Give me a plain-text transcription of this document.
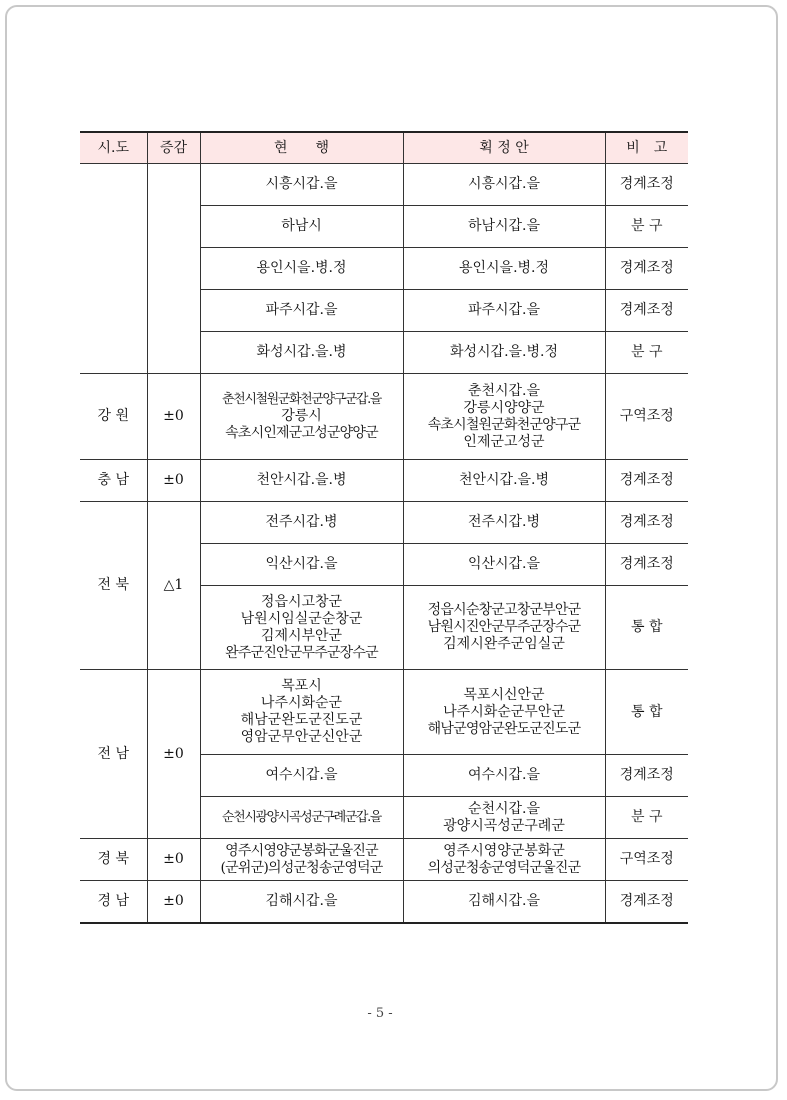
시.도	증감	현　　행	획 정 안	비　고

		시흥시갑.을	시흥시갑.을	경계조정

		하남시	하남시갑.을	분 구

		용인시을.병.정	용인시을.병.정	경계조정

		파주시갑.을	파주시갑.을	경계조정

		화성시갑.을.병	화성시갑.을.병.정	분 구
강 원	±0	춘천시철원군화천군양구군갑.을
강릉시
속초시인제군고성군양양군	춘천시갑.을
강릉시양양군
속초시철원군화천군양구군
인제군고성군	구역조정
충 남	±0	천안시갑.을.병	천안시갑.을.병	경계조정
전 북	△1	전주시갑.병	전주시갑.병	경계조정

		익산시갑.을	익산시갑.을	경계조정

		정읍시고창군
남원시임실군순창군
김제시부안군
완주군진안군무주군장수군	정읍시순창군고창군부안군
남원시진안군무주군장수군
김제시완주군임실군	통 합
전 남	±0	목포시
나주시화순군
해남군완도군진도군
영암군무안군신안군	목포시신안군
나주시화순군무안군
해남군영암군완도군진도군	통 합

		여수시갑.을	여수시갑.을	경계조정

		순천시광양시곡성군구례군갑.을	순천시갑.을
광양시곡성군구례군	분 구
경 북	±0	영주시영양군봉화군울진군
(군위군)의성군청송군영덕군	영주시영양군봉화군
의성군청송군영덕군울진군	구역조정
경 남	±0	김해시갑.을	김해시갑.을	경계조정
- 5 -
